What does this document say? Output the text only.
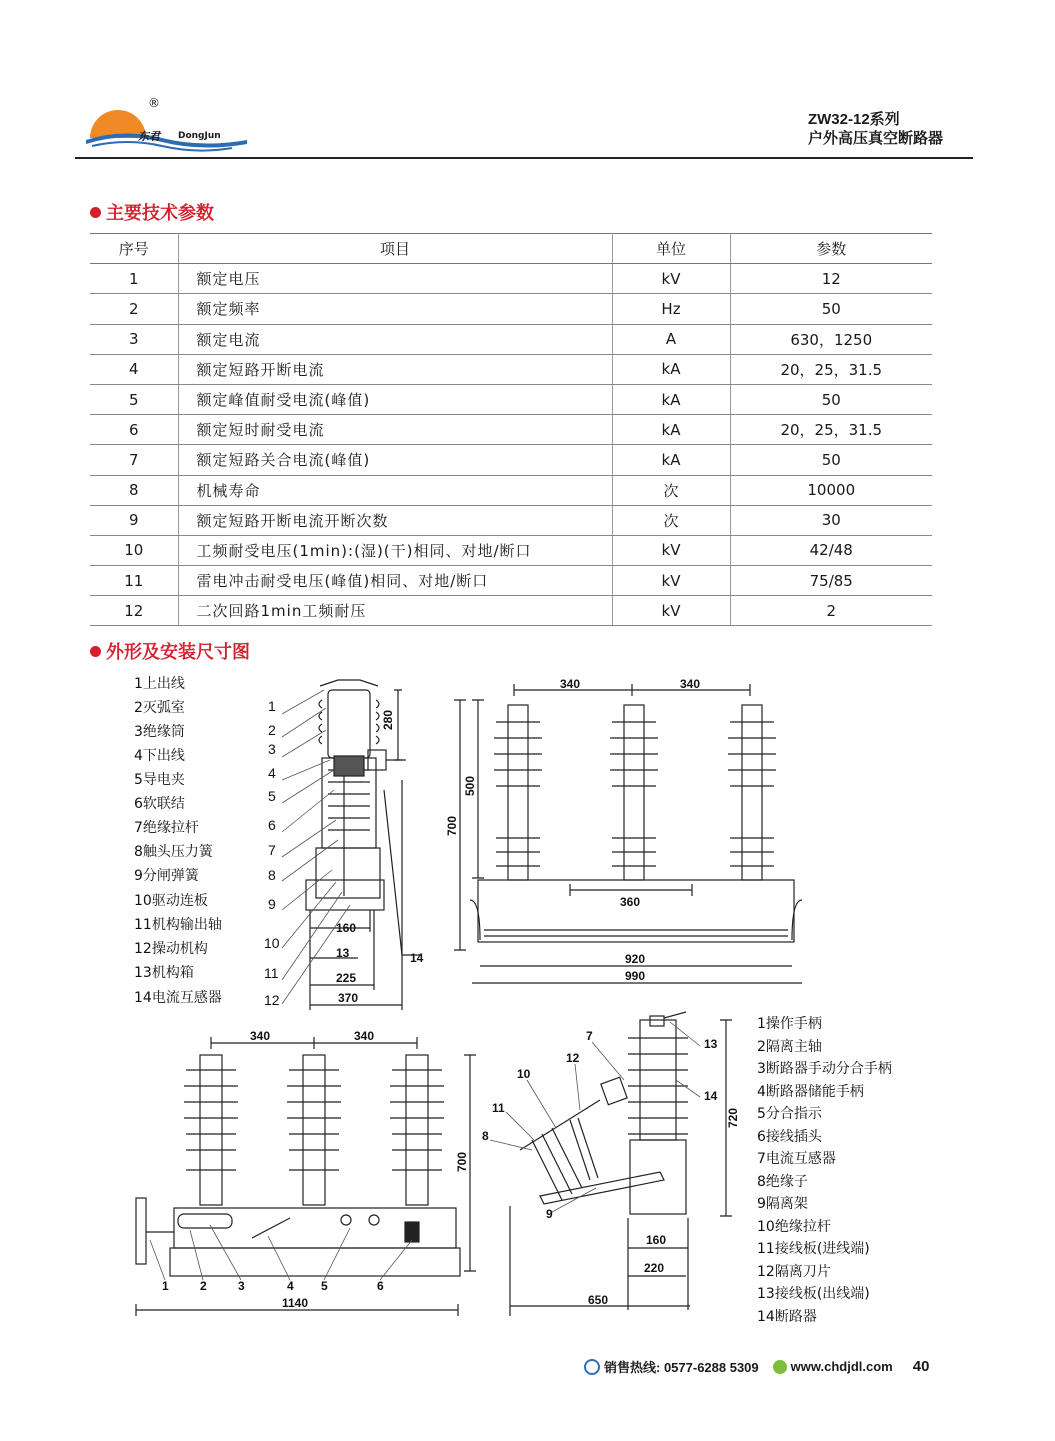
®
东君 DongJun
ZW32-12系列
户外高压真空断路器
主要技术参数
序号	项目	单位	参数
1	额定电压	kV	12
2	额定频率	Hz	50
3	额定电流	A	630，1250
4	额定短路开断电流	kA	20，25，31.5
5	额定峰值耐受电流(峰值)	kA	50
6	额定短时耐受电流	kA	20，25，31.5
7	额定短路关合电流(峰值)	kA	50
8	机械寿命	次	10000
9	额定短路开断电流开断次数	次	30
10	工频耐受电压(1min):(湿)(干)相同、对地/断口	kV	42/48
11	雷电冲击耐受电压(峰值)相同、对地/断口	kV	75/85
12	二次回路1min工频耐压	kV	2
外形及安装尺寸图
1上出线
2灭弧室
3绝缘筒
4下出线
5导电夹
6软联结
7绝缘拉杆
8触头压力簧
9分闸弹簧
10驱动连板
11机构输出轴
12操动机构
13机构箱
14电流互感器
280
160
13
225
370
14
1
2
3
4
5
6
7
8
9
10
11
12
340	340
500
700
360
920
990
1操作手柄
2隔离主轴
3断路器手动分合手柄
4断路器储能手柄
5分合指示
6接线插头
7电流互感器
8绝缘子
9隔离架
10绝缘拉杆
11接线板(进线端)
12隔离刀片
13接线板(出线端)
14断路器
340	340
700
1140
1	2	3	4 5	6
720
160
220
650
7
12
10
11
8
9
13
14
销售热线: 0577-6288 5309 www.chdjdl.com 40
